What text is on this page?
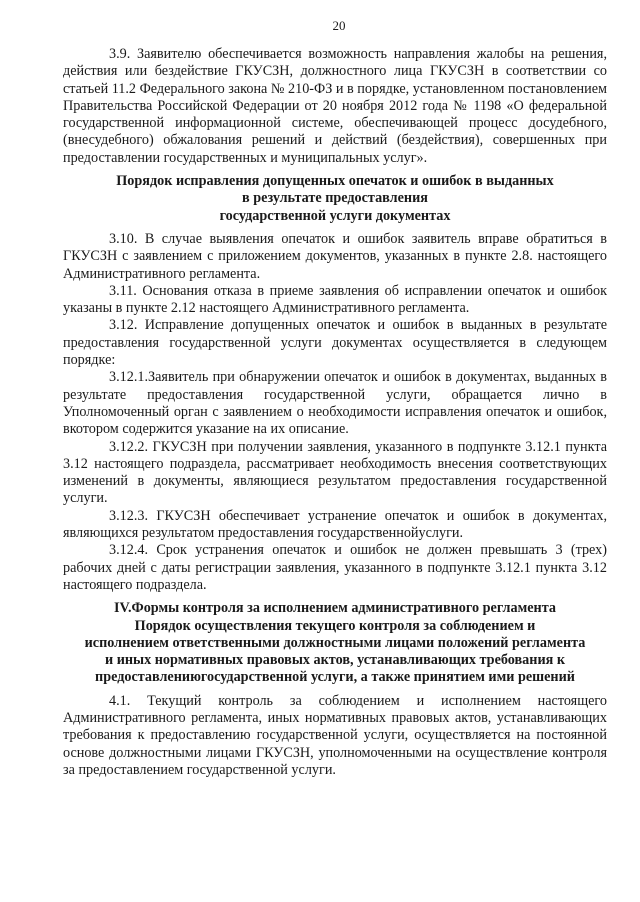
20

3.9. Заявителю обеспечивается возможность направления жалобы на решения, действия или бездействие ГКУСЗН, должностного лица ГКУСЗН в соответствии со статьей 11.2 Федерального закона № 210-ФЗ и в порядке, установленном постановлением Правительства Российской Федерации от 20 ноября 2012 года № 1198 «О федеральной государственной информационной системе, обеспечивающей процесс досудебного, (внесудебного) обжалования решений и действий (бездействия), совершенных при предоставлении государственных и муниципальных услуг».

Порядок исправления допущенных опечаток и ошибок в выданных
в результате предоставления
государственной услуги документах

3.10. В случае выявления опечаток и ошибок заявитель вправе обратиться в ГКУСЗН с заявлением с приложением документов, указанных в пункте 2.8. настоящего Административного регламента.

3.11. Основания отказа в приеме заявления об исправлении опечаток и ошибок указаны в пункте 2.12 настоящего Административного регламента.

3.12. Исправление допущенных опечаток и ошибок в выданных в результате предоставления государственной услуги документах осуществляется в следующем порядке:

3.12.1.Заявитель при обнаружении опечаток и ошибок в документах, выданных в результате предоставления государственной услуги, обращается лично в Уполномоченный орган с заявлением о необходимости исправления опечаток и ошибок, вкотором содержится указание на их описание.

3.12.2. ГКУСЗН при получении заявления, указанного в подпункте 3.12.1 пункта 3.12 настоящего подраздела, рассматривает необходимость внесения соответствующих изменений в документы, являющиеся результатом предоставления государственной услуги.

3.12.3. ГКУСЗН обеспечивает устранение опечаток и ошибок в документах, являющихся результатом предоставления государственнойуслуги.

3.12.4. Срок устранения опечаток и ошибок не должен превышать 3 (трех) рабочих дней с даты регистрации заявления, указанного в подпункте 3.12.1 пункта 3.12 настоящего подраздела.

IV.Формы контроля за исполнением административного регламента
Порядок осуществления текущего контроля за соблюдением и
исполнением ответственными должностными лицами положений регламента
и иных нормативных правовых актов, устанавливающих требования к
предоставлениюгосударственной услуги, а также принятием ими решений

4.1. Текущий контроль за соблюдением и исполнением настоящего Административного регламента, иных нормативных правовых актов, устанавливающих требования к предоставлению государственной услуги, осуществляется на постоянной основе должностными лицами ГКУСЗН, уполномоченными на осуществление контроля за предоставлением государственной услуги.
